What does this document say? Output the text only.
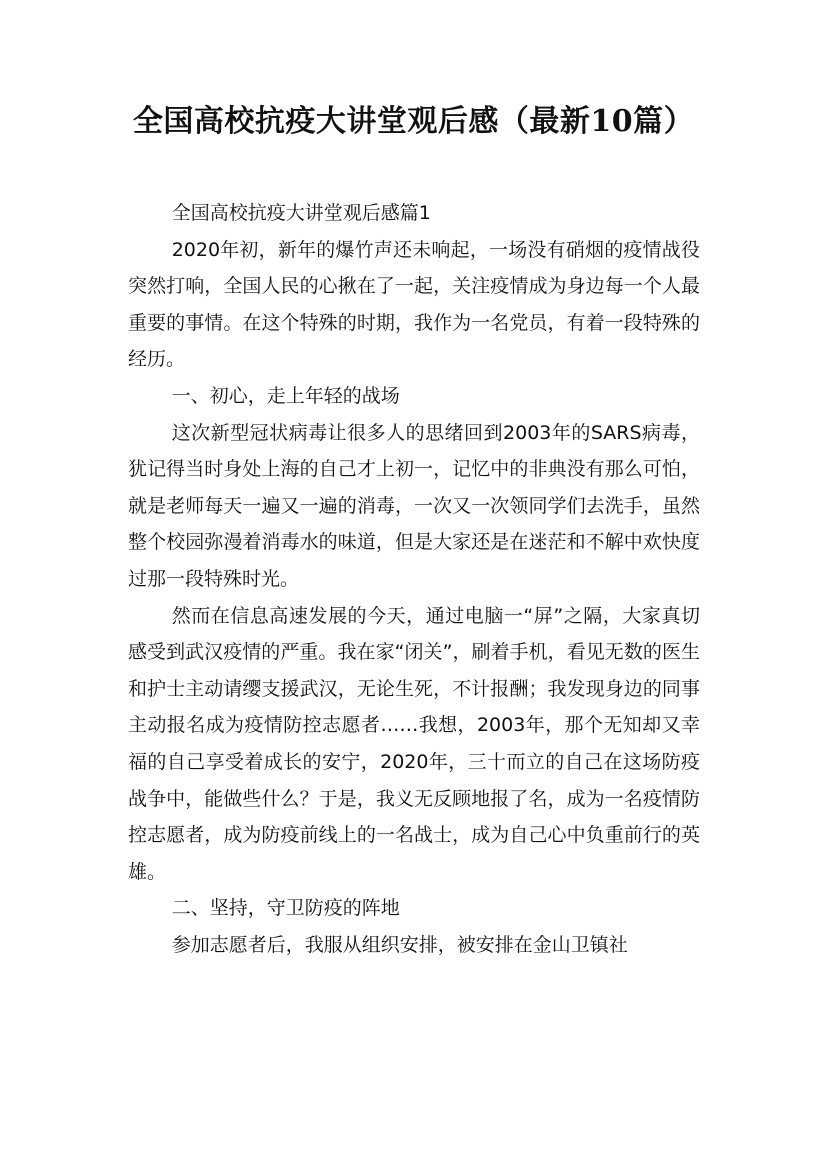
全国高校抗疫大讲堂观后感（最新10篇）

全国高校抗疫大讲堂观后感篇1

2020年初，新年的爆竹声还未响起，一场没有硝烟的疫情战役突然打响，全国人民的心揪在了一起，关注疫情成为身边每一个人最重要的事情。在这个特殊的时期，我作为一名党员，有着一段特殊的经历。

一、初心，走上年轻的战场

这次新型冠状病毒让很多人的思绪回到2003年的SARS病毒，犹记得当时身处上海的自己才上初一，记忆中的非典没有那么可怕，就是老师每天一遍又一遍的消毒，一次又一次领同学们去洗手，虽然整个校园弥漫着消毒水的味道，但是大家还是在迷茫和不解中欢快度过那一段特殊时光。

然而在信息高速发展的今天，通过电脑一“屏”之隔，大家真切感受到武汉疫情的严重。我在家“闭关”，刷着手机，看见无数的医生和护士主动请缨支援武汉，无论生死，不计报酬；我发现身边的同事主动报名成为疫情防控志愿者……我想，2003年，那个无知却又幸福的自己享受着成长的安宁，2020年，三十而立的自己在这场防疫战争中，能做些什么？于是，我义无反顾地报了名，成为一名疫情防控志愿者，成为防疫前线上的一名战士，成为自己心中负重前行的英雄。

二、坚持，守卫防疫的阵地

参加志愿者后，我服从组织安排，被安排在金山卫镇社
